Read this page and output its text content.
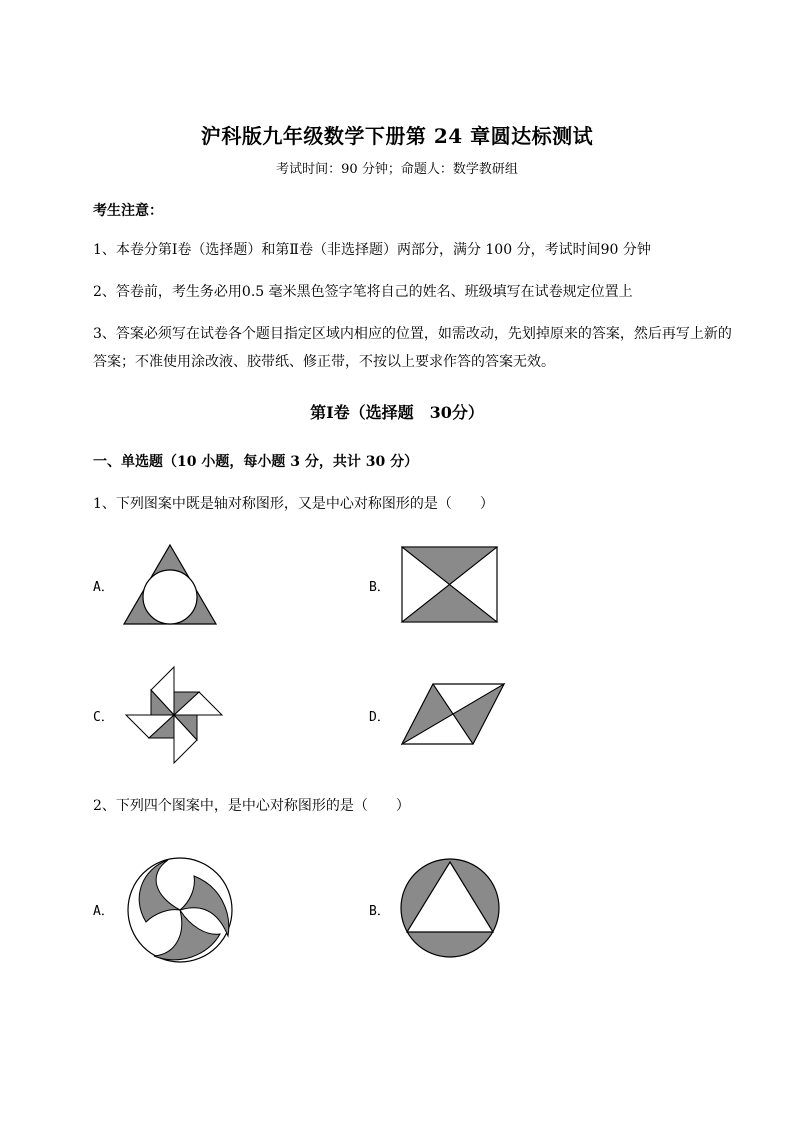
沪科版九年级数学下册第 24 章圆达标测试
考试时间：90 分钟；命题人：数学教研组
考生注意：
1、本卷分第Ⅰ卷（选择题）和第Ⅱ卷（非选择题）两部分，满分 100 分，考试时间90 分钟
2、答卷前，考生务必用0.5 毫米黑色签字笔将自己的姓名、班级填写在试卷规定位置上
3、答案必须写在试卷各个题目指定区域内相应的位置，如需改动，先划掉原来的答案，然后再写上新的答案；不准使用涂改液、胶带纸、修正带，不按以上要求作答的答案无效。
第Ⅰ卷（选择题　30分）
一、单选题（10 小题，每小题 3 分，共计 30 分）
1、下列图案中既是轴对称图形，又是中心对称图形的是（　　）
A．	B．
C．	D．
2、下列四个图案中，是中心对称图形的是（　　）
A．	B．
